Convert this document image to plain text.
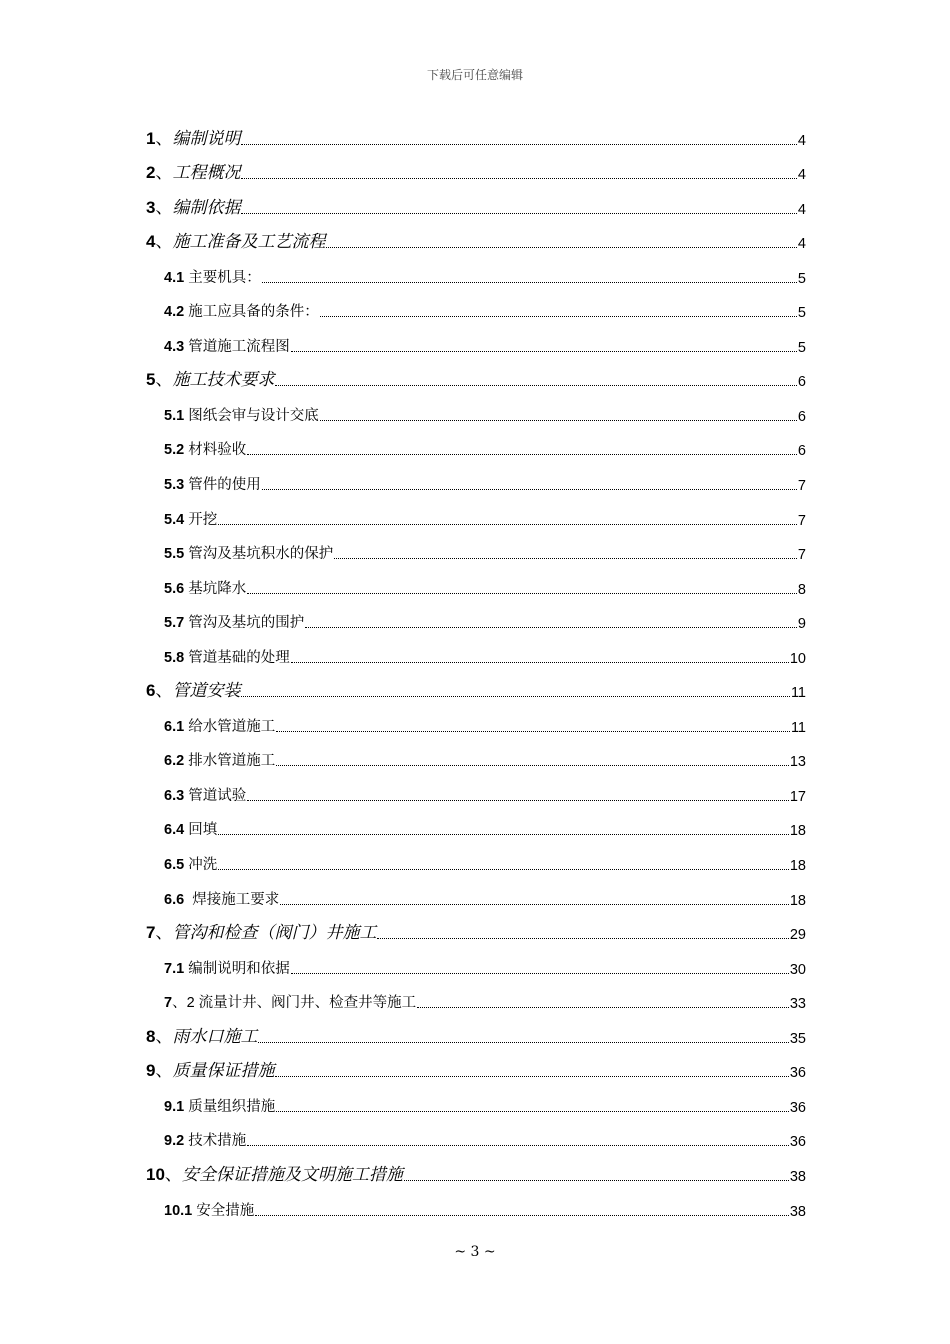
下载后可任意编辑
1、编制说明	4
2、工程概况	4
3、编制依据	4
4、施工准备及工艺流程	4
4.1 主要机具：	5
4.2 施工应具备的条件：	5
4.3 管道施工流程图	5
5、施工技术要求	6
5.1 图纸会审与设计交底	6
5.2 材料验收	6
5.3 管件的使用	7
5.4 开挖	7
5.5 管沟及基坑积水的保护	7
5.6 基坑降水	8
5.7 管沟及基坑的围护	9
5.8 管道基础的处理	10
6、管道安装	11
6.1 给水管道施工	11
6.2 排水管道施工	13
6.3 管道试验	17
6.4 回填	18
6.5 冲洗	18
6.6 焊接施工要求	18
7、管沟和检查（阀门）井施工	29
7.1 编制说明和依据	30
7、2 流量计井、阀门井、检查井等施工	33
8、雨水口施工	35
9、质量保证措施	36
9.1 质量组织措施	36
9.2 技术措施	36
10、安全保证措施及文明施工措施	38
10.1 安全措施	38
~ 3 ~
